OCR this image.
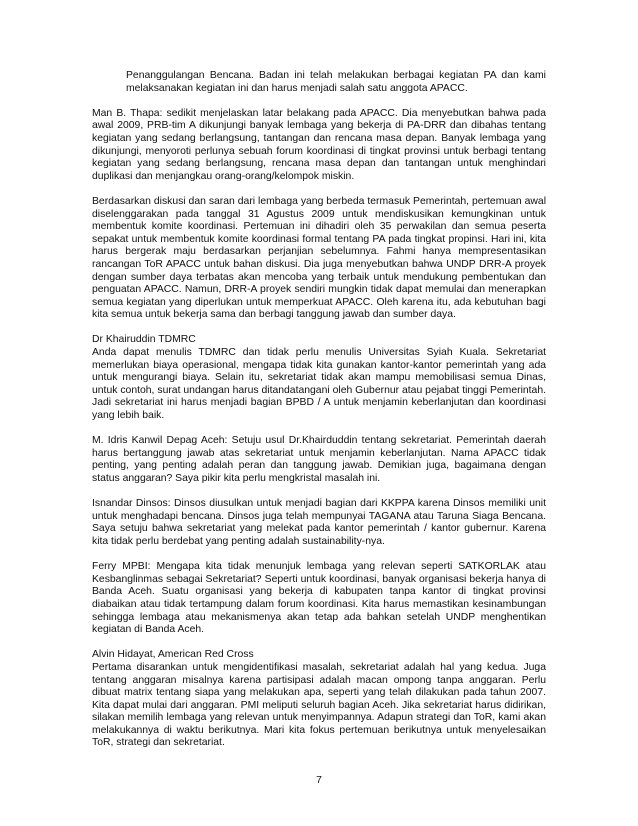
Penanggulangan Bencana. Badan ini telah melakukan berbagai kegiatan PA dan kami melaksanakan kegiatan ini dan harus menjadi salah satu anggota APACC.

Man B. Thapa: sedikit menjelaskan latar belakang pada APACC. Dia menyebutkan bahwa pada awal 2009, PRB-tim A dikunjungi banyak lembaga yang bekerja di PA-DRR dan dibahas tentang kegiatan yang sedang berlangsung, tantangan dan rencana masa depan. Banyak lembaga yang dikunjungi, menyoroti perlunya sebuah forum koordinasi di tingkat provinsi untuk berbagi tentang kegiatan yang sedang berlangsung, rencana masa depan dan tantangan untuk menghindari duplikasi dan menjangkau orang-orang/kelompok miskin.

Berdasarkan diskusi dan saran dari lembaga yang berbeda termasuk Pemerintah, pertemuan awal diselenggarakan pada tanggal 31 Agustus 2009 untuk mendiskusikan kemungkinan untuk membentuk komite koordinasi. Pertemuan ini dihadiri oleh 35 perwakilan dan semua peserta sepakat untuk membentuk komite koordinasi formal tentang PA pada tingkat propinsi. Hari ini, kita harus bergerak maju berdasarkan perjanjian sebelumnya. Fahmi hanya mempresentasikan rancangan ToR APACC untuk bahan diskusi. Dia juga menyebutkan bahwa UNDP DRR-A proyek dengan sumber daya terbatas akan mencoba yang terbaik untuk mendukung pembentukan dan penguatan APACC. Namun, DRR-A proyek sendiri mungkin tidak dapat memulai dan menerapkan semua kegiatan yang diperlukan untuk memperkuat APACC. Oleh karena itu, ada kebutuhan bagi kita semua untuk bekerja sama dan berbagi tanggung jawab dan sumber daya.

Dr Khairuddin TDMRC
Anda dapat menulis TDMRC dan tidak perlu menulis Universitas Syiah Kuala. Sekretariat memerlukan biaya operasional, mengapa tidak kita gunakan kantor-kantor pemerintah yang ada untuk mengurangi biaya. Selain itu, sekretariat tidak akan mampu memobilisasi semua Dinas, untuk contoh, surat undangan harus ditandatangani oleh Gubernur atau pejabat tinggi Pemerintah. Jadi sekretariat ini harus menjadi bagian BPBD / A untuk menjamin keberlanjutan dan koordinasi yang lebih baik.

M. Idris Kanwil Depag Aceh: Setuju usul Dr.Khairduddin tentang sekretariat. Pemerintah daerah harus bertanggung jawab atas sekretariat untuk menjamin keberlanjutan. Nama APACC tidak penting, yang penting adalah peran dan tanggung jawab. Demikian juga, bagaimana dengan status anggaran? Saya pikir kita perlu mengkristal masalah ini.

Isnandar Dinsos: Dinsos diusulkan untuk menjadi bagian dari KKPPA karena Dinsos memiliki unit untuk menghadapi bencana. Dinsos juga telah mempunyai TAGANA atau Taruna Siaga Bencana. Saya setuju bahwa sekretariat yang melekat pada kantor pemerintah / kantor gubernur. Karena kita tidak perlu berdebat yang penting adalah sustainability-nya.

Ferry MPBI: Mengapa kita tidak menunjuk lembaga yang relevan seperti SATKORLAK atau Kesbanglinmas sebagai Sekretariat? Seperti untuk koordinasi, banyak organisasi bekerja hanya di Banda Aceh. Suatu organisasi yang bekerja di kabupaten tanpa kantor di tingkat provinsi diabaikan atau tidak tertampung dalam forum koordinasi. Kita harus memastikan kesinambungan sehingga lembaga atau mekanismenya akan tetap ada bahkan setelah UNDP menghentikan kegiatan di Banda Aceh.

Alvin Hidayat, American Red Cross
Pertama disarankan untuk mengidentifikasi masalah, sekretariat adalah hal yang kedua. Juga tentang anggaran misalnya karena partisipasi adalah macan ompong tanpa anggaran. Perlu dibuat matrix tentang siapa yang melakukan apa, seperti yang telah dilakukan pada tahun 2007. Kita dapat mulai dari anggaran. PMI meliputi seluruh bagian Aceh. Jika sekretariat harus didirikan, silakan memilih lembaga yang relevan untuk menyimpannya. Adapun strategi dan ToR, kami akan melakukannya di waktu berikutnya. Mari kita fokus pertemuan berikutnya untuk menyelesaikan ToR, strategi dan sekretariat.

7
